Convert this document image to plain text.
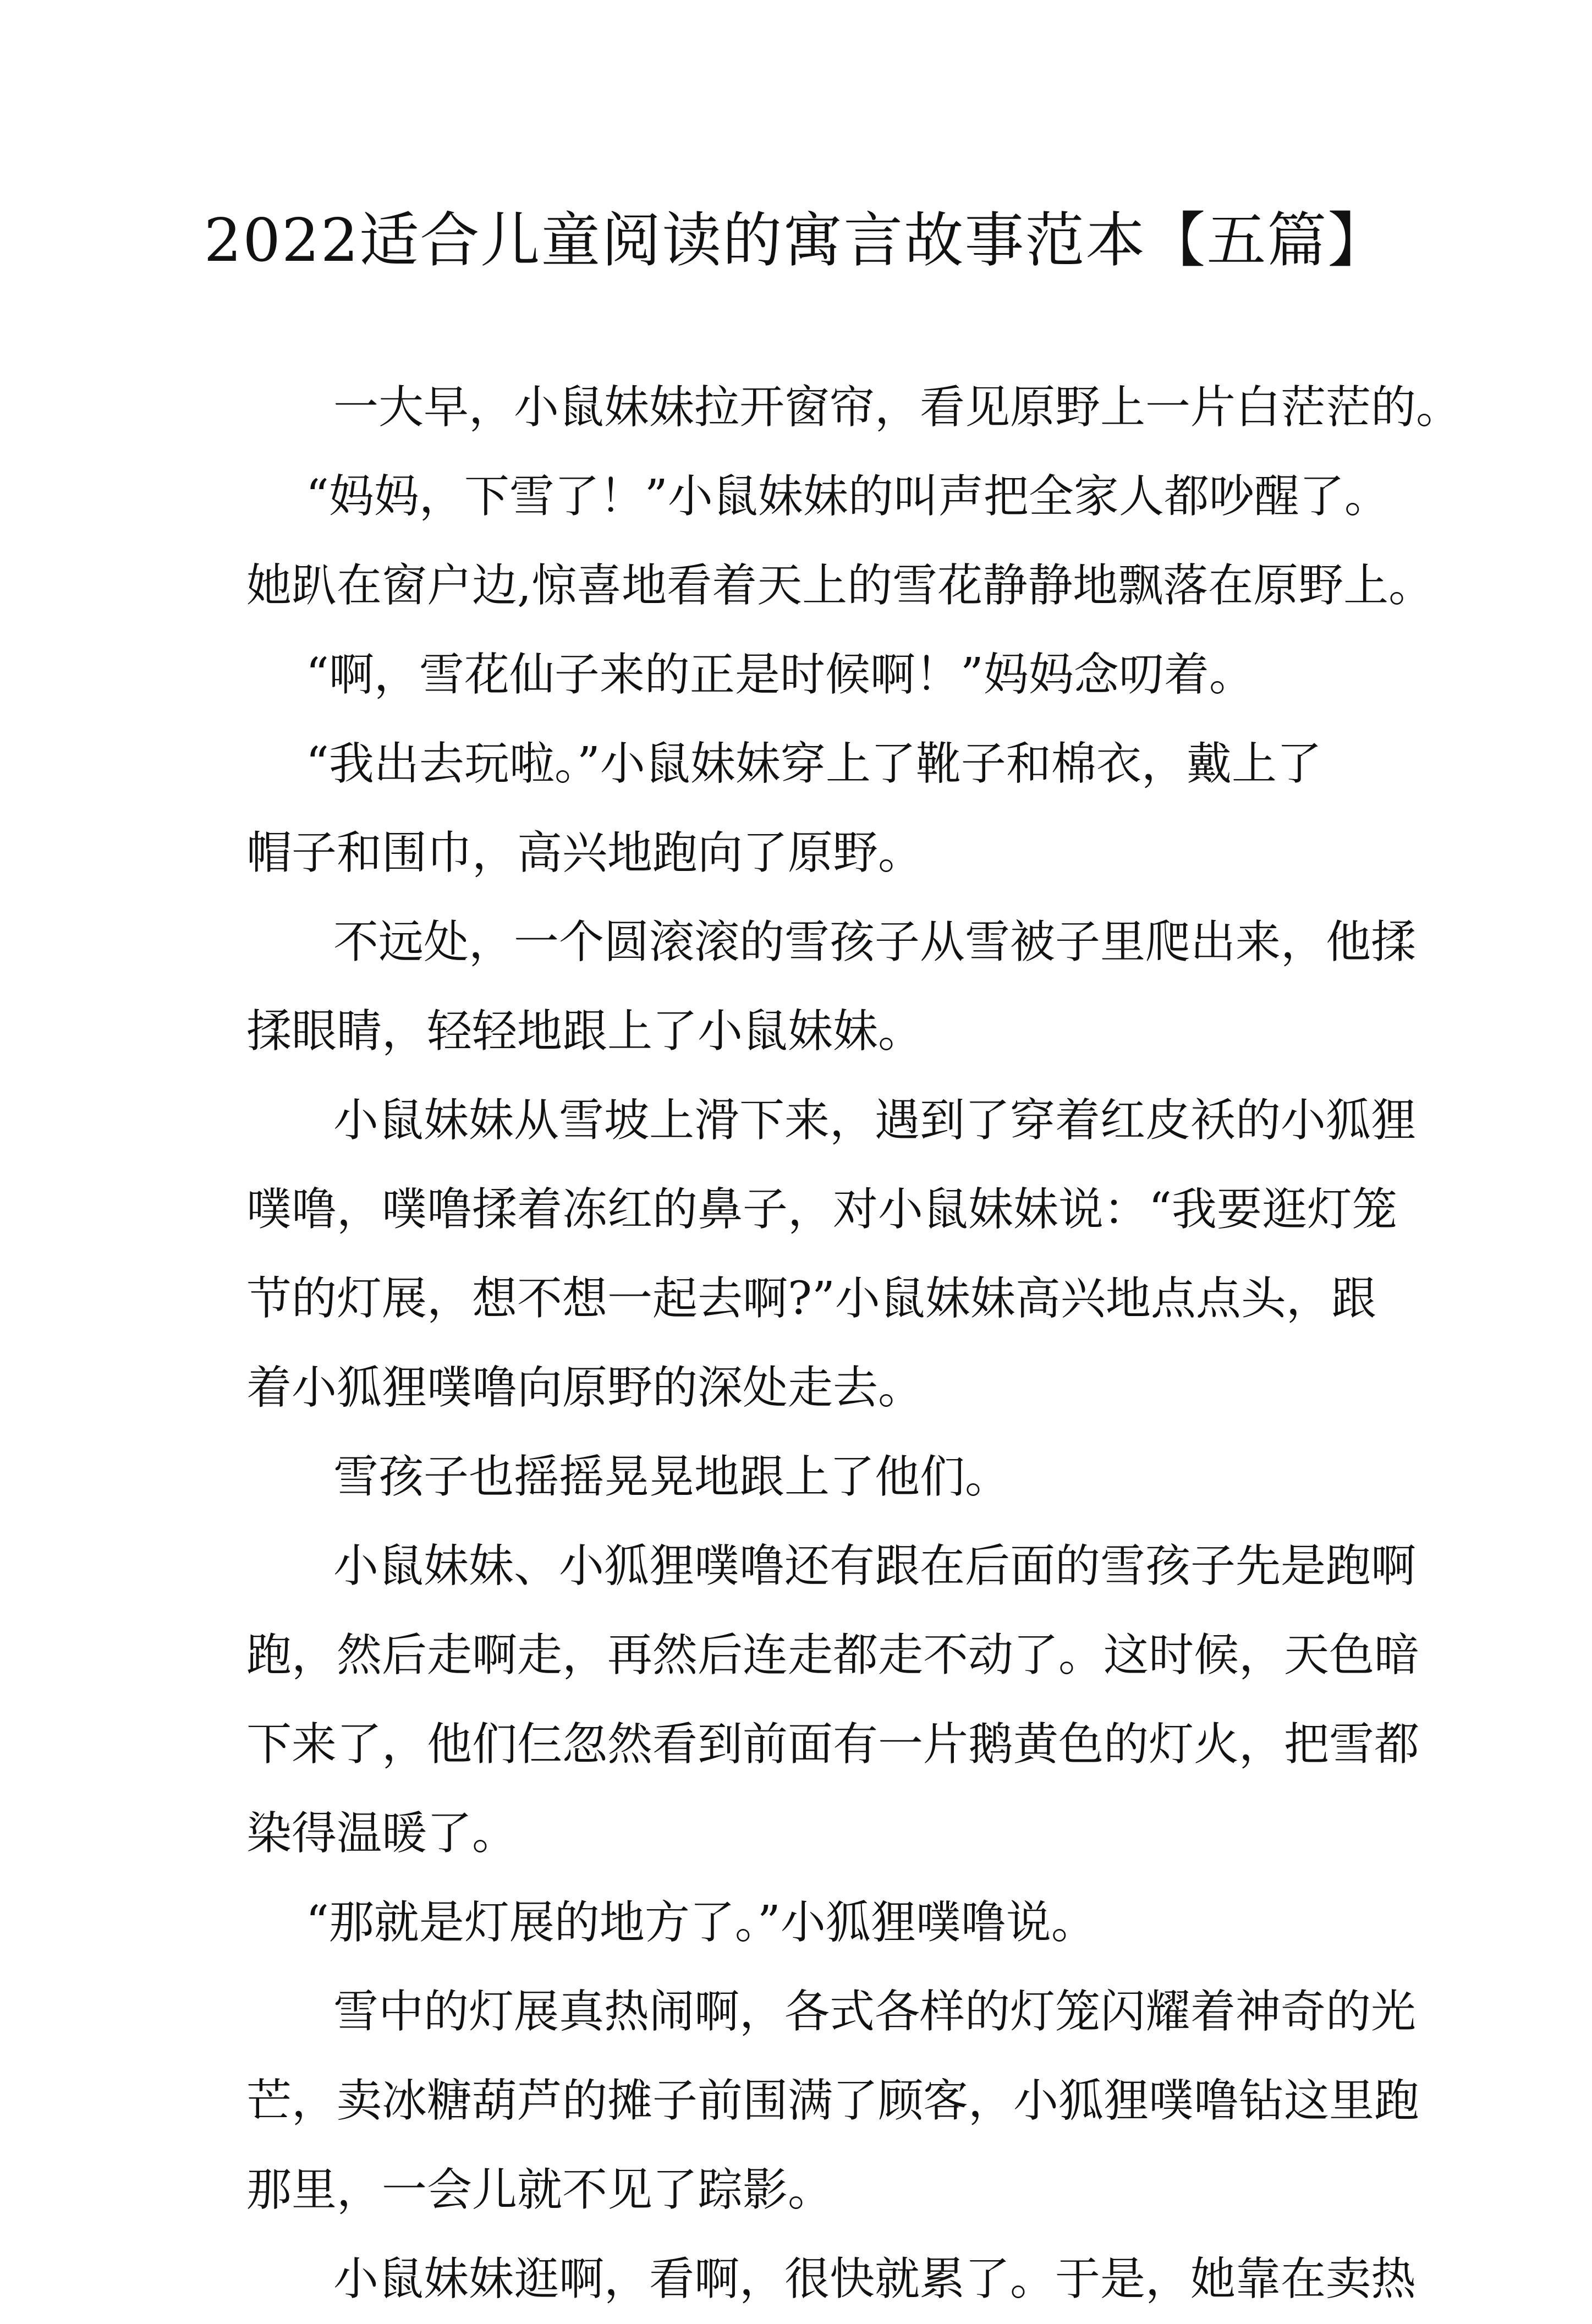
2022适合儿童阅读的寓言故事范本【五篇】
一大早，小鼠妹妹拉开窗帘，看见原野上一片白茫茫的。
“妈妈，下雪了！”小鼠妹妹的叫声把全家人都吵醒了。
她趴在窗户边,惊喜地看着天上的雪花静静地飘落在原野上。
“啊，雪花仙子来的正是时候啊！”妈妈念叨着。
“我出去玩啦。”小鼠妹妹穿上了靴子和棉衣，戴上了
帽子和围巾，高兴地跑向了原野。
不远处，一个圆滚滚的雪孩子从雪被子里爬出来，他揉
揉眼睛，轻轻地跟上了小鼠妹妹。
小鼠妹妹从雪坡上滑下来，遇到了穿着红皮袄的小狐狸
噗噜，噗噜揉着冻红的鼻子，对小鼠妹妹说：“我要逛灯笼
节的灯展，想不想一起去啊?”小鼠妹妹高兴地点点头，跟
着小狐狸噗噜向原野的深处走去。
雪孩子也摇摇晃晃地跟上了他们。
小鼠妹妹、小狐狸噗噜还有跟在后面的雪孩子先是跑啊
跑，然后走啊走，再然后连走都走不动了。这时候，天色暗
下来了，他们仨忽然看到前面有一片鹅黄色的灯火，把雪都
染得温暖了。
“那就是灯展的地方了。”小狐狸噗噜说。
雪中的灯展真热闹啊，各式各样的灯笼闪耀着神奇的光
芒，卖冰糖葫芦的摊子前围满了顾客，小狐狸噗噜钻这里跑
那里，一会儿就不见了踪影。
小鼠妹妹逛啊，看啊，很快就累了。于是，她靠在卖热
